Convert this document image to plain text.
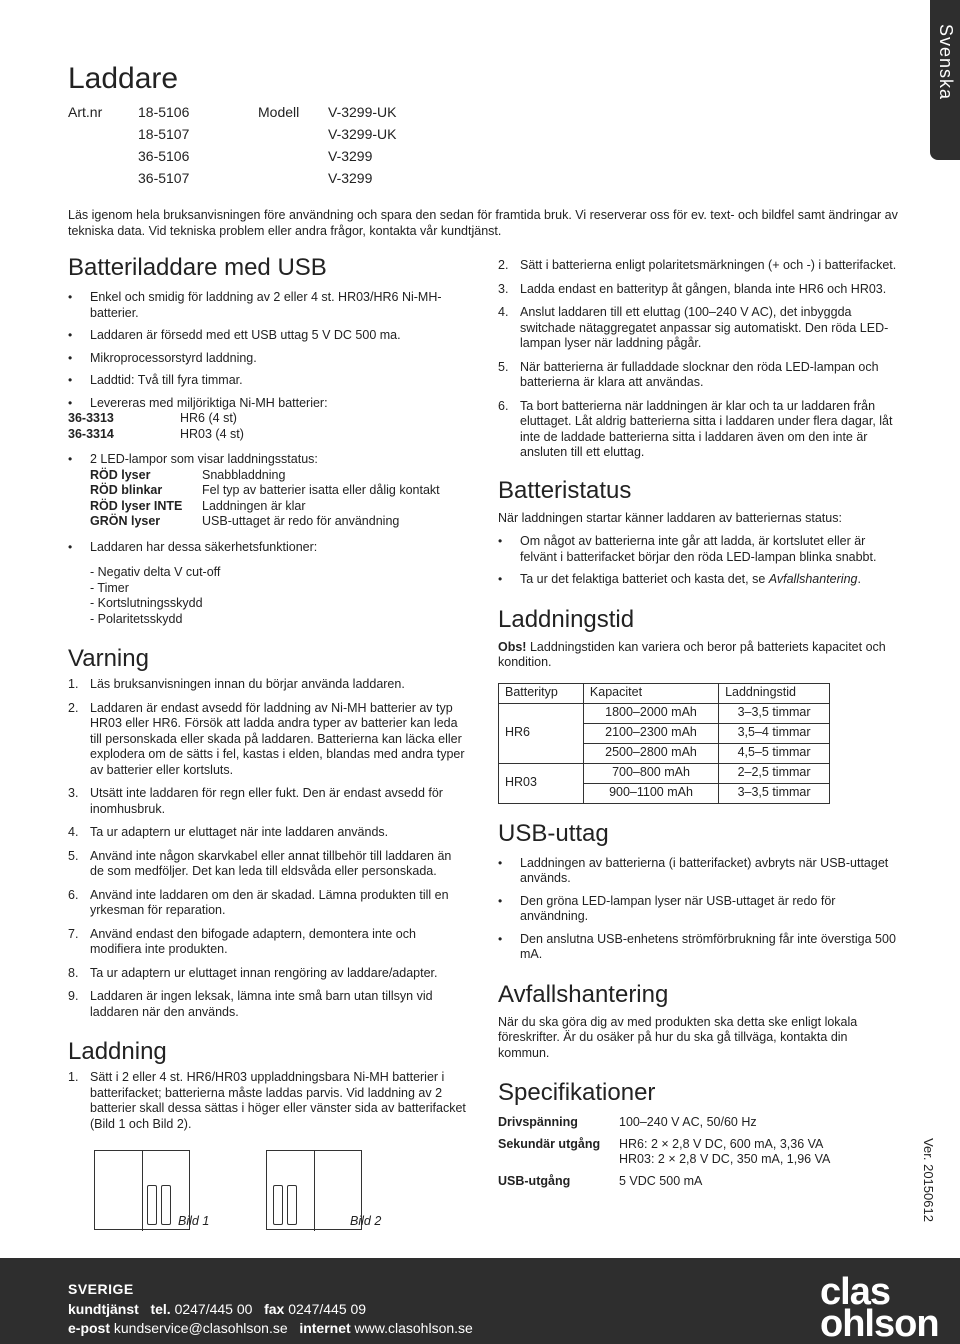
Svenska
Laddare
Art.nr	18-5106	Modell	V-3299-UK
18-5107	V-3299-UK
36-5106	V-3299
36-5107	V-3299

Läs igenom hela bruksanvisningen före användning och spara den sedan för framtida bruk. Vi reserverar oss för ev. text- och bildfel samt ändringar av tekniska data. Vid tekniska problem eller andra frågor, kontakta vår kundtjänst.

Batteriladdare med USB
• Enkel och smidig för laddning av 2 eller 4 st. HR03/HR6 Ni-MH- batterier.
• Laddaren är försedd med ett USB uttag 5 V DC 500 ma.
• Mikroprocessorstyrd laddning.
• Laddtid: Två till fyra timmar.
• Levereras med miljöriktiga Ni-MH batterier:
36-3313	HR6 (4 st)
36-3314	HR03 (4 st)
• 2 LED-lampor som visar laddningsstatus:
RÖD lyser	Snabbladdning
RÖD blinkar	Fel typ av batterier isatta eller dålig kontakt
RÖD lyser INTE	Laddningen är klar
GRÖN lyser	USB-uttaget är redo för användning
• Laddaren har dessa säkerhetsfunktioner:
- Negativ delta V cut-off
- Timer
- Kortslutningsskydd
- Polaritetsskydd
Varning
1. Läs bruksanvisningen innan du börjar använda laddaren.
2. Laddaren är endast avsedd för laddning av Ni-MH batterier av typ HR03 eller HR6. Försök att ladda andra typer av batterier kan leda till personskada eller skada på laddaren. Batterierna kan läcka eller explodera om de sätts i fel, kastas i elden, blandas med andra typer av batterier eller kortsluts.
3. Utsätt inte laddaren för regn eller fukt. Den är endast avsedd för inomhusbruk.
4. Ta ur adaptern ur eluttaget när inte laddaren används.
5. Använd inte någon skarvkabel eller annat tillbehör till laddaren än de som medföljer. Det kan leda till eldsvåda eller personskada.
6. Använd inte laddaren om den är skadad. Lämna produkten till en yrkesman för reparation.
7. Använd endast den bifogade adaptern, demontera inte och modifiera inte produkten.
8. Ta ur adaptern ur eluttaget innan rengöring av laddare/adapter.
9. Laddaren är ingen leksak, lämna inte små barn utan tillsyn vid laddaren när den används.
Laddning
1. Sätt i 2 eller 4 st. HR6/HR03 uppladdningsbara Ni-MH batterier i batterifacket; batterierna måste laddas parvis. Vid laddning av 2 batterier skall dessa sättas i höger eller vänster sida av batterifacket (Bild 1 och Bild 2).
Bild 1	Bild 2
2. Sätt i batterierna enligt polaritetsmärkningen (+ och -) i batterifacket.
3. Ladda endast en batterityp åt gången, blanda inte HR6 och HR03.
4. Anslut laddaren till ett eluttag (100–240 V AC), det inbyggda switchade nätaggregatet anpassar sig automatiskt. Den röda LED-lampan lyser när laddning pågår.
5. När batterierna är fulladdade slocknar den röda LED-lampan och batterierna är klara att användas.
6. Ta bort batterierna när laddningen är klar och ta ur laddaren från eluttaget. Låt aldrig batterierna sitta i laddaren under flera dagar, låt inte de laddade batterierna sitta i laddaren även om den inte är ansluten till ett eluttag.
Batteristatus

När laddningen startar känner laddaren av batteriernas status:

• Om något av batterierna inte går att ladda, är kortslutet eller är felvänt i batterifacket börjar den röda LED-lampan blinka snabbt.
• Ta ur det felaktiga batteriet och kasta det, se Avfallshantering.
Laddningstid

Obs! Laddningstiden kan variera och beror på batteriets kapacitet och kondition.

Batterityp	Kapacitet	Laddningstid
HR6	1800–2000 mAh	3–3,5 timmar
	2100–2300 mAh	3,5–4 timmar
	2500–2800 mAh	4,5–5 timmar
HR03	700–800 mAh	2–2,5 timmar
	900–1100 mAh	3–3,5 timmar
USB-uttag
• Laddningen av batterierna (i batterifacket) avbryts när USB-uttaget används.
• Den gröna LED-lampan lyser när USB-uttaget är redo för användning.
• Den anslutna USB-enhetens strömförbrukning får inte överstiga 500 mA.
Avfallshantering

När du ska göra dig av med produkten ska detta ske enligt lokala föreskrifter. Är du osäker på hur du ska gå tillväga, kontakta din kommun.

Specifikationer
Drivspänning	100–240 V AC, 50/60 Hz
Sekundär utgång	HR6: 2 × 2,8 V DC, 600 mA, 3,36 VA
HR03: 2 × 2,8 V DC, 350 mA, 1,96 VA
USB-utgång	5 VDC 500 mA	Ver. 20150612
SVERIGE
kundtjänst tel. 0247/445 00 fax 0247/445 09
e-post kundservice@clasohlson.se internet www.clasohlson.se
clas
ohlson
